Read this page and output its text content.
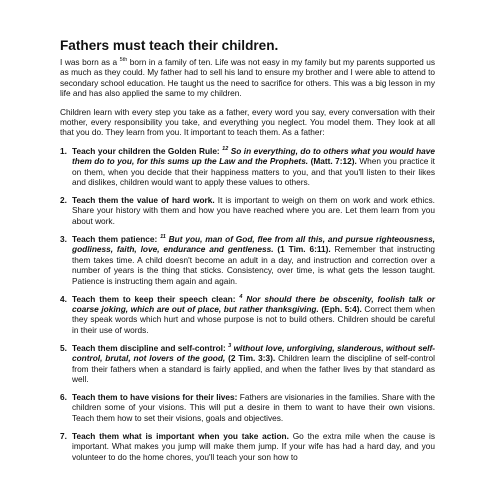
Fathers must teach their children.

I was born as a $^{5th}$ born in a family of ten. Life was not easy in my family but my parents supported us as much as they could. My father had to sell his land to ensure my brother and I were able to attend to secondary school education. He taught us the need to sacrifice for others. This was a big lesson in my life and has also applied the same to my children.

Children learn with every step you take as a father, every word you say, every conversation with their mother, every responsibility you take, and everything you neglect. You model them. They look at all that you do. They learn from you. It important to teach them. As a father:

1. Teach your children the Golden Rule: $^{12}$ So in everything, do to others what you would have them do to you, for this sums up the Law and the Prophets. (Matt. 7:12). When you practice it on them, when you decide that their happiness matters to you, and that you'll listen to their likes and dislikes, children would want to apply these values to others.
2. Teach them the value of hard work. It is important to weigh on them on work and work ethics. Share your history with them and how you have reached where you are. Let them learn from you about work.
3. Teach them patience: $^{11}$ But you, man of God, flee from all this, and pursue righteousness, godliness, faith, love, endurance and gentleness. (1 Tim. 6:11). Remember that instructing them takes time. A child doesn't become an adult in a day, and instruction and correction over a number of years is the thing that sticks. Consistency, over time, is what gets the lesson taught. Patience is instructing them again and again.
4. Teach them to keep their speech clean: $^4$ Nor should there be obscenity, foolish talk or coarse joking, which are out of place, but rather thanksgiving. (Eph. 5:4). Correct them when they speak words which hurt and whose purpose is not to build others. Children should be careful in their use of words.
5. Teach them discipline and self-control: $^3$ without love, unforgiving, slanderous, without self-control, brutal, not lovers of the good, (2 Tim. 3:3). Children learn the discipline of self-control from their fathers when a standard is fairly applied, and when the father lives by that standard as well.
6. Teach them to have visions for their lives: Fathers are visionaries in the families. Share with the children some of your visions. This will put a desire in them to want to have their own visions. Teach them how to set their visions, goals and objectives.
7. Teach them what is important when you take action. Go the extra mile when the cause is important. What makes you jump will make them jump. If your wife has had a hard day, and you volunteer to do the home chores, you'll teach your son how to
